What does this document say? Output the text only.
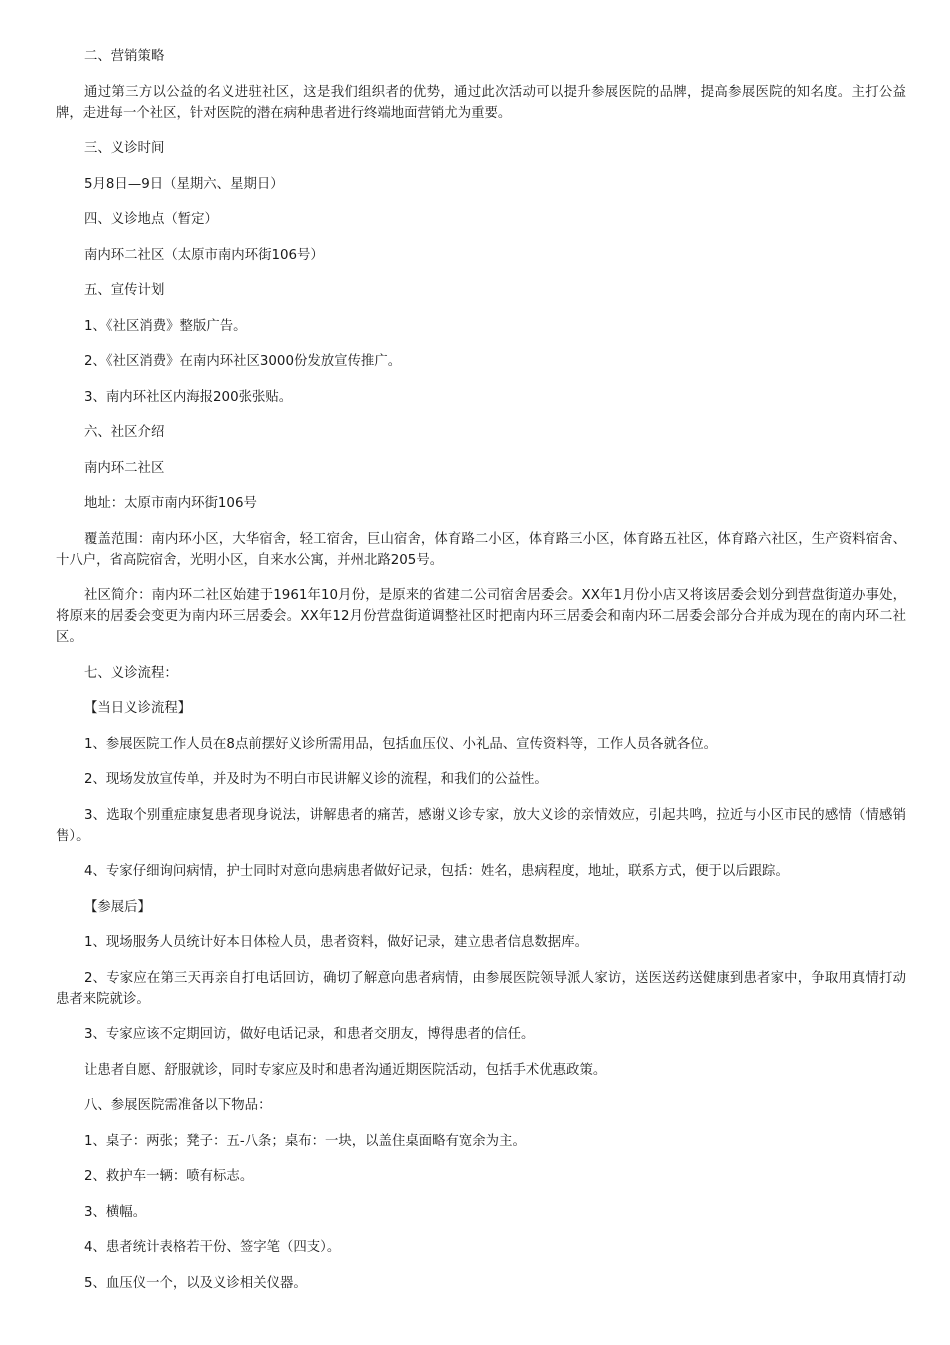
二、营销策略

通过第三方以公益的名义进驻社区，这是我们组织者的优势，通过此次活动可以提升参展医院的品牌，提高参展医院的知名度。主打公益牌，走进每一个社区，针对医院的潜在病种患者进行终端地面营销尤为重要。

三、义诊时间

5月8日—9日（星期六、星期日）

四、义诊地点（暂定）

南内环二社区（太原市南内环街106号）

五、宣传计划

1、《社区消费》整版广告。

2、《社区消费》在南内环社区3000份发放宣传推广。

3、南内环社区内海报200张张贴。

六、社区介绍

南内环二社区

地址：太原市南内环街106号

覆盖范围：南内环小区，大华宿舍，轻工宿舍，巨山宿舍，体育路二小区，体育路三小区，体育路五社区，体育路六社区，生产资料宿舍、十八户，省高院宿舍，光明小区，自来水公寓，并州北路205号。

社区简介：南内环二社区始建于1961年10月份，是原来的省建二公司宿舍居委会。XX年1月份小店又将该居委会划分到营盘街道办事处，将原来的居委会变更为南内环三居委会。XX年12月份营盘街道调整社区时把南内环三居委会和南内环二居委会部分合并成为现在的南内环二社区。

七、义诊流程：

【当日义诊流程】

1、参展医院工作人员在8点前摆好义诊所需用品，包括血压仪、小礼品、宣传资料等，工作人员各就各位。

2、现场发放宣传单，并及时为不明白市民讲解义诊的流程，和我们的公益性。

3、选取个别重症康复患者现身说法，讲解患者的痛苦，感谢义诊专家，放大义诊的亲情效应，引起共鸣，拉近与小区市民的感情（情感销售）。

4、专家仔细询问病情，护士同时对意向患病患者做好记录，包括：姓名，患病程度，地址，联系方式，便于以后跟踪。

【参展后】

1、现场服务人员统计好本日体检人员，患者资料，做好记录，建立患者信息数据库。

2、专家应在第三天再亲自打电话回访，确切了解意向患者病情，由参展医院领导派人家访，送医送药送健康到患者家中，争取用真情打动患者来院就诊。

3、专家应该不定期回访，做好电话记录，和患者交朋友，博得患者的信任。

让患者自愿、舒服就诊，同时专家应及时和患者沟通近期医院活动，包括手术优惠政策。

八、参展医院需准备以下物品：

1、桌子：两张；凳子：五-八条；桌布：一块，以盖住桌面略有宽余为主。

2、救护车一辆：喷有标志。

3、横幅。

4、患者统计表格若干份、签字笔（四支）。

5、血压仪一个，以及义诊相关仪器。
